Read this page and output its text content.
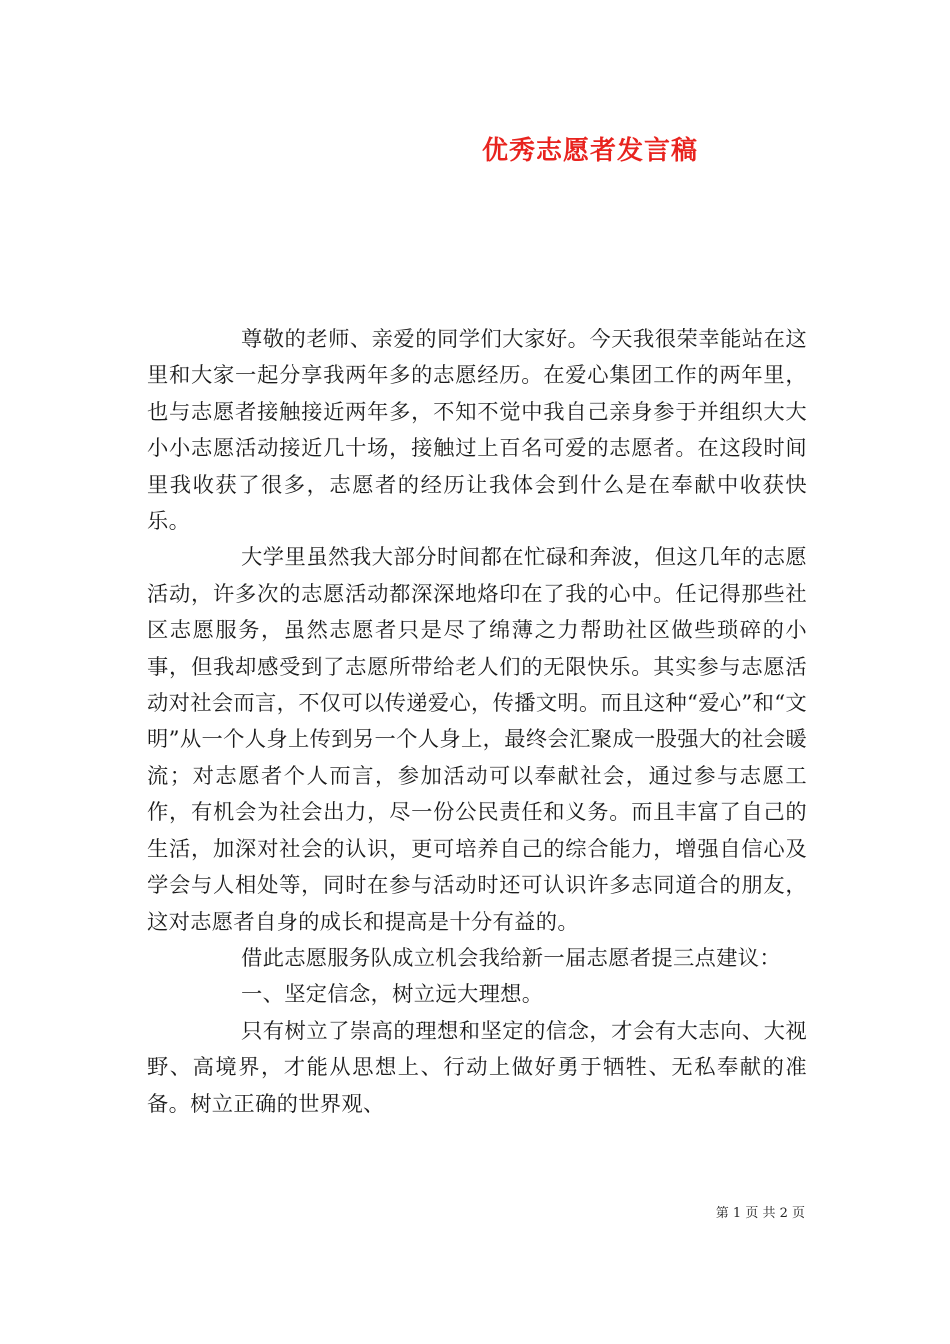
优秀志愿者发言稿

尊敬的老师、亲爱的同学们大家好。今天我很荣幸能站在这里和大家一起分享我两年多的志愿经历。在爱心集团工作的两年里，也与志愿者接触接近两年多，不知不觉中我自己亲身参于并组织大大小小志愿活动接近几十场，接触过上百名可爱的志愿者。在这段时间里我收获了很多，志愿者的经历让我体会到什么是在奉献中收获快乐。

大学里虽然我大部分时间都在忙碌和奔波，但这几年的志愿活动，许多次的志愿活动都深深地烙印在了我的心中。任记得那些社区志愿服务，虽然志愿者只是尽了绵薄之力帮助社区做些琐碎的小事，但我却感受到了志愿所带给老人们的无限快乐。其实参与志愿活动对社会而言，不仅可以传递爱心，传播文明。而且这种“爱心”和“文明”从一个人身上传到另一个人身上，最终会汇聚成一股强大的社会暖流；对志愿者个人而言，参加活动可以奉献社会，通过参与志愿工作，有机会为社会出力，尽一份公民责任和义务。而且丰富了自己的生活，加深对社会的认识，更可培养自己的综合能力，增强自信心及学会与人相处等，同时在参与活动时还可认识许多志同道合的朋友，这对志愿者自身的成长和提高是十分有益的。

借此志愿服务队成立机会我给新一届志愿者提三点建议：

一、坚定信念，树立远大理想。

只有树立了崇高的理想和坚定的信念，才会有大志向、大视野、高境界，才能从思想上、行动上做好勇于牺牲、无私奉献的准备。树立正确的世界观、

第 1 页 共 2 页
